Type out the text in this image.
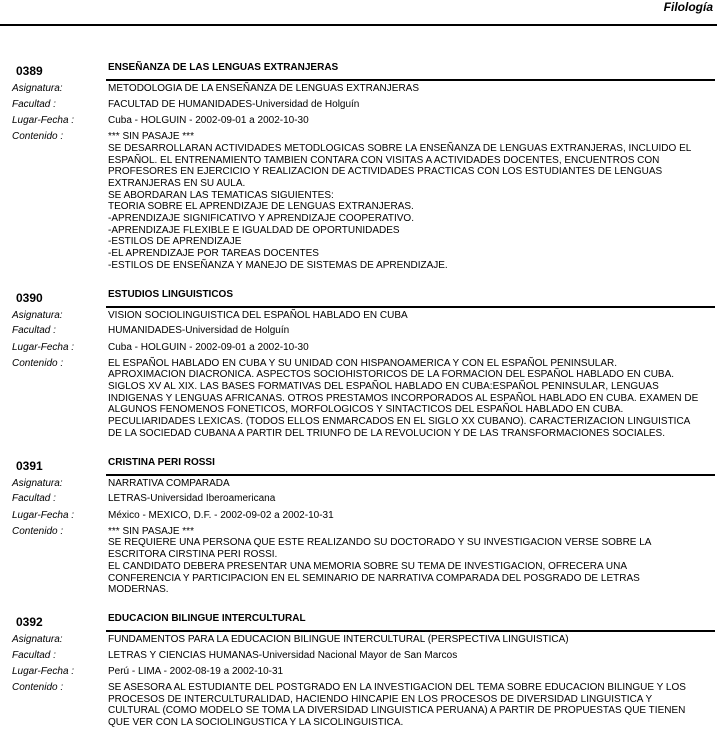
Filología
0389	ENSEÑANZA DE LAS LENGUAS EXTRANJERAS
Asignatura:	METODOLOGIA DE LA ENSEÑANZA DE LENGUAS EXTRANJERAS
Facultad :	FACULTAD DE HUMANIDADES-Universidad de Holguín
Lugar-Fecha :	Cuba - HOLGUIN - 2002-09-01 a 2002-10-30
Contenido :	*** SIN PASAJE ***
SE DESARROLLARAN ACTIVIDADES METODLOGICAS SOBRE LA ENSEÑANZA DE LENGUAS EXTRANJERAS, INCLUIDO EL
ESPAÑOL. EL ENTRENAMIENTO TAMBIEN CONTARA CON VISITAS A ACTIVIDADES DOCENTES, ENCUENTROS CON
PROFESORES EN EJERCICIO Y REALIZACION DE ACTIVIDADES PRACTICAS CON LOS ESTUDIANTES DE LENGUAS
EXTRANJERAS EN SU AULA.
SE ABORDARAN LAS TEMATICAS SIGUIENTES:
TEORIA SOBRE EL APRENDIZAJE DE LENGUAS EXTRANJERAS.
-APRENDIZAJE SIGNIFICATIVO Y APRENDIZAJE COOPERATIVO.
-APRENDIZAJE FLEXIBLE E IGUALDAD DE OPORTUNIDADES
-ESTILOS DE APRENDIZAJE
-EL APRENDIZAJE POR TAREAS DOCENTES
-ESTILOS DE ENSEÑANZA Y MANEJO DE SISTEMAS DE APRENDIZAJE.
0390	ESTUDIOS LINGUISTICOS
Asignatura:	VISION SOCIOLINGUISTICA DEL ESPAÑOL HABLADO EN CUBA
Facultad :	HUMANIDADES-Universidad de Holguín
Lugar-Fecha :	Cuba - HOLGUIN - 2002-09-01 a 2002-10-30
Contenido :	EL ESPAÑOL HABLADO EN CUBA Y SU UNIDAD CON HISPANOAMERICA Y CON EL ESPAÑOL PENINSULAR.
APROXIMACION DIACRONICA. ASPECTOS SOCIOHISTORICOS DE LA FORMACION DEL ESPAÑOL HABLADO EN CUBA.
SIGLOS XV AL XIX. LAS BASES FORMATIVAS DEL ESPAÑOL HABLADO EN CUBA:ESPAÑOL PENINSULAR, LENGUAS
INDIGENAS Y LENGUAS AFRICANAS. OTROS PRESTAMOS INCORPORADOS AL ESPAÑOL HABLADO EN CUBA. EXAMEN DE
ALGUNOS FENOMENOS FONETICOS, MORFOLOGICOS Y SINTACTICOS DEL ESPAÑOL HABLADO EN CUBA.
PECULIARIDADES LEXICAS. (TODOS ELLOS ENMARCADOS EN EL SIGLO XX CUBANO). CARACTERIZACION LINGUISTICA
DE LA SOCIEDAD CUBANA A PARTIR DEL TRIUNFO DE LA REVOLUCION Y DE LAS TRANSFORMACIONES SOCIALES.
0391	CRISTINA PERI ROSSI
Asignatura:	NARRATIVA COMPARADA
Facultad :	LETRAS-Universidad Iberoamericana
Lugar-Fecha :	México - MEXICO, D.F. - 2002-09-02 a 2002-10-31
Contenido :	*** SIN PASAJE ***
SE REQUIERE UNA PERSONA QUE ESTE REALIZANDO SU DOCTORADO Y SU INVESTIGACION VERSE SOBRE LA
ESCRITORA CIRSTINA PERI ROSSI.
EL CANDIDATO DEBERA PRESENTAR UNA MEMORIA SOBRE SU TEMA DE INVESTIGACION, OFRECERA UNA
CONFERENCIA Y PARTICIPACION EN EL SEMINARIO DE NARRATIVA COMPARADA DEL POSGRADO DE LETRAS
MODERNAS.
0392	EDUCACION BILINGUE INTERCULTURAL
Asignatura:	FUNDAMENTOS PARA LA EDUCACION BILINGUE INTERCULTURAL (PERSPECTIVA LINGUISTICA)
Facultad :	LETRAS Y CIENCIAS HUMANAS-Universidad Nacional Mayor de San Marcos
Lugar-Fecha :	Perú - LIMA - 2002-08-19 a 2002-10-31
Contenido :	SE ASESORA AL ESTUDIANTE DEL POSTGRADO EN LA INVESTIGACION DEL TEMA SOBRE EDUCACION BILINGUE Y LOS
PROCESOS DE INTERCULTURALIDAD, HACIENDO HINCAPIE EN LOS PROCESOS DE DIVERSIDAD LINGUISTICA Y
CULTURAL (COMO MODELO SE TOMA LA DIVERSIDAD LINGUISTICA PERUANA) A PARTIR DE PROPUESTAS QUE TIENEN
QUE VER CON LA SOCIOLINGUSTICA Y LA SICOLINGUISTICA.
